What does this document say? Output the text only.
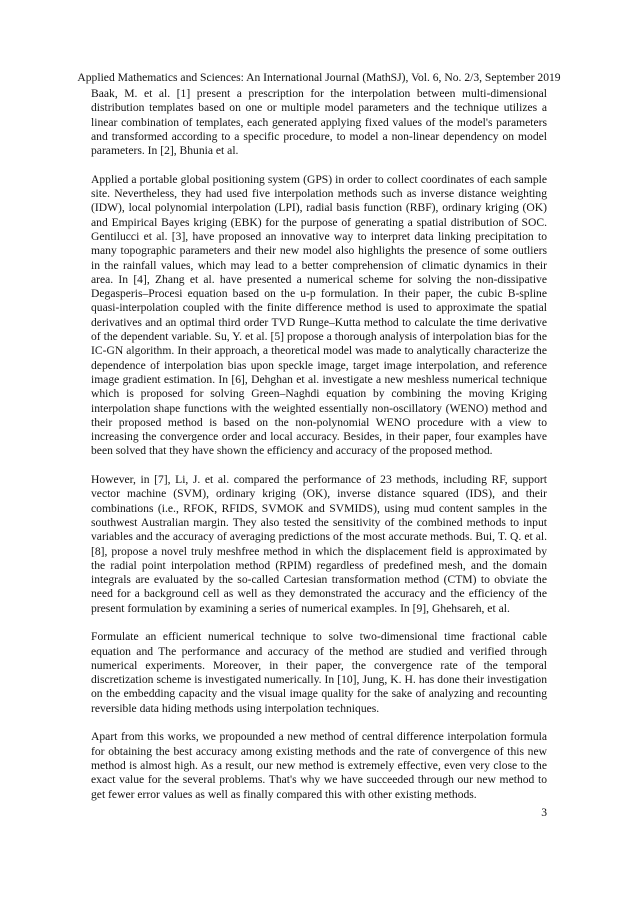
Applied Mathematics and Sciences: An International Journal (MathSJ), Vol. 6, No. 2/3, September 2019

Baak, M. et al. [1] present a prescription for the interpolation between multi-dimensional distribution templates based on one or multiple model parameters and the technique utilizes a linear combination of templates, each generated applying fixed values of the model's parameters and transformed according to a specific procedure, to model a non-linear dependency on model parameters. In [2], Bhunia et al.

Applied a portable global positioning system (GPS) in order to collect coordinates of each sample site. Nevertheless, they had used five interpolation methods such as inverse distance weighting (IDW), local polynomial interpolation (LPI), radial basis function (RBF), ordinary kriging (OK) and Empirical Bayes kriging (EBK) for the purpose of generating a spatial distribution of SOC. Gentilucci et al. [3], have proposed an innovative way to interpret data linking precipitation to many topographic parameters and their new model also highlights the presence of some outliers in the rainfall values, which may lead to a better comprehension of climatic dynamics in their area. In [4], Zhang et al. have presented a numerical scheme for solving the non-dissipative Degasperis–Procesi equation based on the u-p formulation. In their paper, the cubic B-spline quasi-interpolation coupled with the finite difference method is used to approximate the spatial derivatives and an optimal third order TVD Runge–Kutta method to calculate the time derivative of the dependent variable. Su, Y. et al. [5] propose a thorough analysis of interpolation bias for the IC-GN algorithm. In their approach, a theoretical model was made to analytically characterize the dependence of interpolation bias upon speckle image, target image interpolation, and reference image gradient estimation. In [6], Dehghan et al. investigate a new meshless numerical technique which is proposed for solving Green–Naghdi equation by combining the moving Kriging interpolation shape functions with the weighted essentially non-oscillatory (WENO) method and their proposed method is based on the non-polynomial WENO procedure with a view to increasing the convergence order and local accuracy. Besides, in their paper, four examples have been solved that they have shown the efficiency and accuracy of the proposed method.

However, in [7], Li, J. et al. compared the performance of 23 methods, including RF, support vector machine (SVM), ordinary kriging (OK), inverse distance squared (IDS), and their combinations (i.e., RFOK, RFIDS, SVMOK and SVMIDS), using mud content samples in the southwest Australian margin. They also tested the sensitivity of the combined methods to input variables and the accuracy of averaging predictions of the most accurate methods. Bui, T. Q. et al. [8], propose a novel truly meshfree method in which the displacement field is approximated by the radial point interpolation method (RPIM) regardless of predefined mesh, and the domain integrals are evaluated by the so-called Cartesian transformation method (CTM) to obviate the need for a background cell as well as they demonstrated the accuracy and the efficiency of the present formulation by examining a series of numerical examples. In [9], Ghehsareh, et al.

Formulate an efficient numerical technique to solve two-dimensional time fractional cable equation and The performance and accuracy of the method are studied and verified through numerical experiments. Moreover, in their paper, the convergence rate of the temporal discretization scheme is investigated numerically. In [10], Jung, K. H. has done their investigation on the embedding capacity and the visual image quality for the sake of analyzing and recounting reversible data hiding methods using interpolation techniques.

Apart from this works, we propounded a new method of central difference interpolation formula for obtaining the best accuracy among existing methods and the rate of convergence of this new method is almost high. As a result, our new method is extremely effective, even very close to the exact value for the several problems. That's why we have succeeded through our new method to get fewer error values as well as finally compared this with other existing methods.

3
